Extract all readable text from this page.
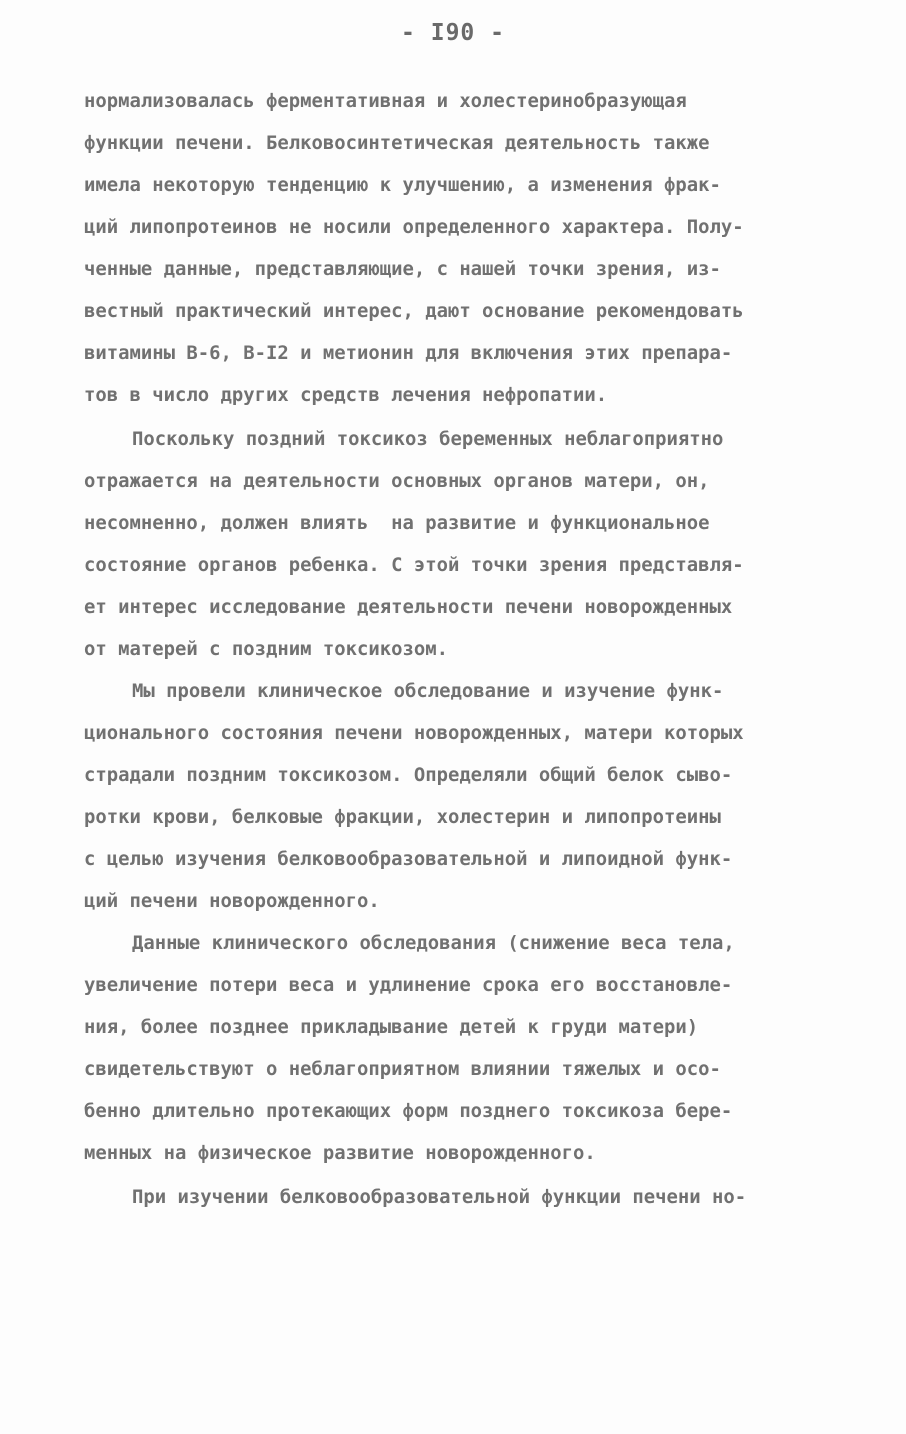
- I90 -
нормализовалась ферментативная и холестеринобразующая
функции печени. Белковосинтетическая деятельность также
имела некоторую тенденцию к улучшению, а изменения фрак-
ций липопротеинов не носили определенного характера. Полу-
ченные данные, представляющие, с нашей точки зрения, из-
вестный практический интерес, дают основание рекомендовать
витамины В-6, В-I2 и метионин для включения этих препара-
тов в число других средств лечения нефропатии.
Поскольку поздний токсикоз беременных неблагоприятно
отражается на деятельности основных органов матери, он,
несомненно, должен влиять  на развитие и функциональное
состояние органов ребенка. С этой точки зрения представля-
ет интерес исследование деятельности печени новорожденных
от матерей с поздним токсикозом.
Мы провели клиническое обследование и изучение функ-
ционального состояния печени новорожденных, матери которых
страдали поздним токсикозом. Определяли общий белок сыво-
ротки крови, белковые фракции, холестерин и липопротеины
с целью изучения белковообразовательной и липоидной функ-
ций печени новорожденного.
Данные клинического обследования (снижение веса тела,
увеличение потери веса и удлинение срока его восстановле-
ния, более позднее прикладывание детей к груди матери)
свидетельствуют о неблагоприятном влиянии тяжелых и осо-
бенно длительно протекающих форм позднего токсикоза бере-
менных на физическое развитие новорожденного.
При изучении белковообразовательной функции печени но-
